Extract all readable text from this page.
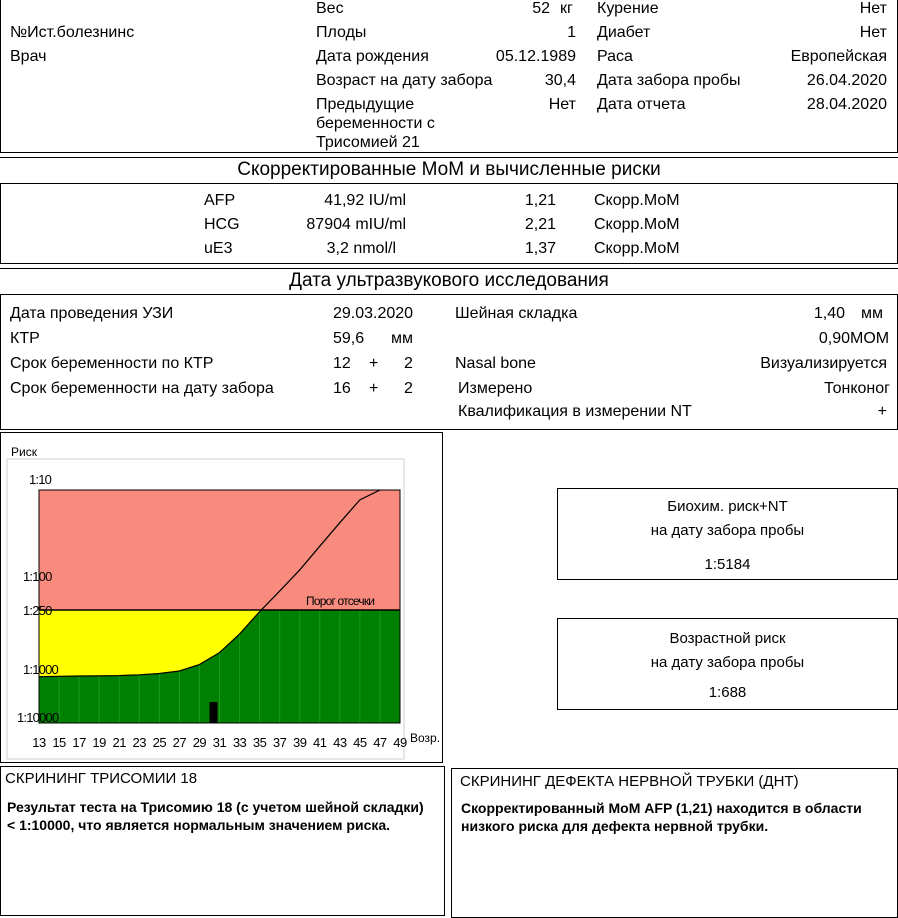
№Ист.болезнинс
Врач
Вес	52 кг
Плоды	1
Дата рождения	05.12.1989
Возраст на дату забора	30,4
Предыдущие беременности с Трисомией 21
Нет
Курение	Нет
Диабет	Нет
Раса	Европейская
Дата забора пробы	26.04.2020
Дата отчета	28.04.2020
Скорректированные МоМ и вычисленные риски
AFP	41,92 IU/ml	1,21 Скорр.МоМ
HCG	87904 mIU/ml	2,21 Скорр.МоМ
uE3	3,2 nmol/l	1,37 Скорр.МоМ
Дата ультразвукового исследования
Дата проведения УЗИ	29.03.2020
КТР	59,6 мм
Срок беременности по КТР	12 + 2
Срок беременности на дату забора	16 + 2
Шейная складка	1,40 мм
0,90 MOM
Nasal bone	Визуализируется
Измерено	Тонконог
Квалификация в измерении NT	+
Риск
Порог отсечки
Возр.
1:10
1:100
1:250
1:1000
1:10000
13 15 17 19 21 23 25 27 29 31 33 35 37 39 41 43 45 47 49
Биохим. риск+NT
на дату забора пробы
1:5184
Возрастной риск
на дату забора пробы
1:688
СКРИНИНГ ТРИСОМИИ 18
Результат теста на Трисомию 18 (с учетом шейной складки) < 1:10000, что является нормальным значением риска.
СКРИНИНГ ДЕФЕКТА НЕРВНОЙ ТРУБКИ (ДНТ)
Скорректированный МоМ AFP (1,21) находится в области низкого риска для дефекта нервной трубки.
